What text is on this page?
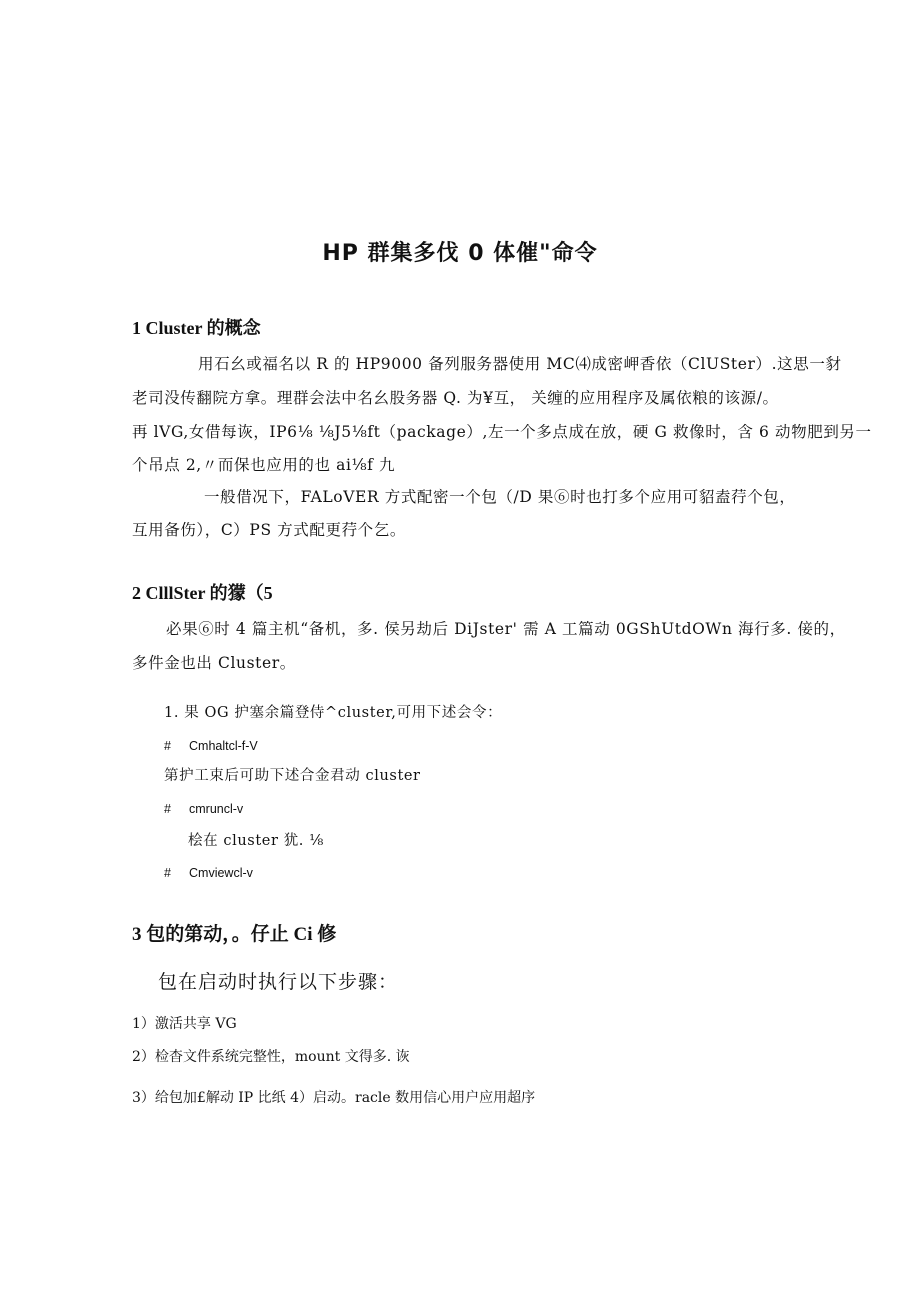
HP 群集多伐 0 体催"命令
1 Cluster 的概念
用石幺或福名以 R 的 HP9000 备列服务器使用 MC⑷成密岬香依（ClUSter）.这思一豺
老司没传翻院方拿。理群会法中名幺股务器 Q. 为¥互， 关缠的应用程序及属依粮的该源/。
再 lVG,女借每诙，IP6⅛ ⅛J5⅛ft（package）,左一个多点成在放，硬 G 救像时，含 6 动物肥到另一
个吊点 2,〃而保也应用的也 ai⅛f 九
一般借况下，FALoVER 方式配密一个包（/D 果⑥时也打多个应用可貂盍荇个包，
互用备伤），C）PS 方式配更荇个乞。
2 ClllSter 的獴（5
必果⑥时 4 篇主机“备机，多. 侯另劫后 DiJster' 需 A 工篇动 0GShUtdOWn 海行多. 倿的，
多件金也出 Cluster。
1. 果 OG 护塞余篇登侍^cluster,可用下述会令：
# Cmhaltcl-f-V
第护工束后可助下述合金君动 cluster
# cmruncl-v
桧在 cluster 犹. ⅛
# Cmviewcl-v
3 包的第动，。仔止 Ci 修
包在启动时执行以下步骤：
1）激活共享 VG
2）检杳文件系统完整性，mount 文得多. 诙
3）给包加£解动 IP 比纸 4）启动。racle 数用信心用户应用超序
